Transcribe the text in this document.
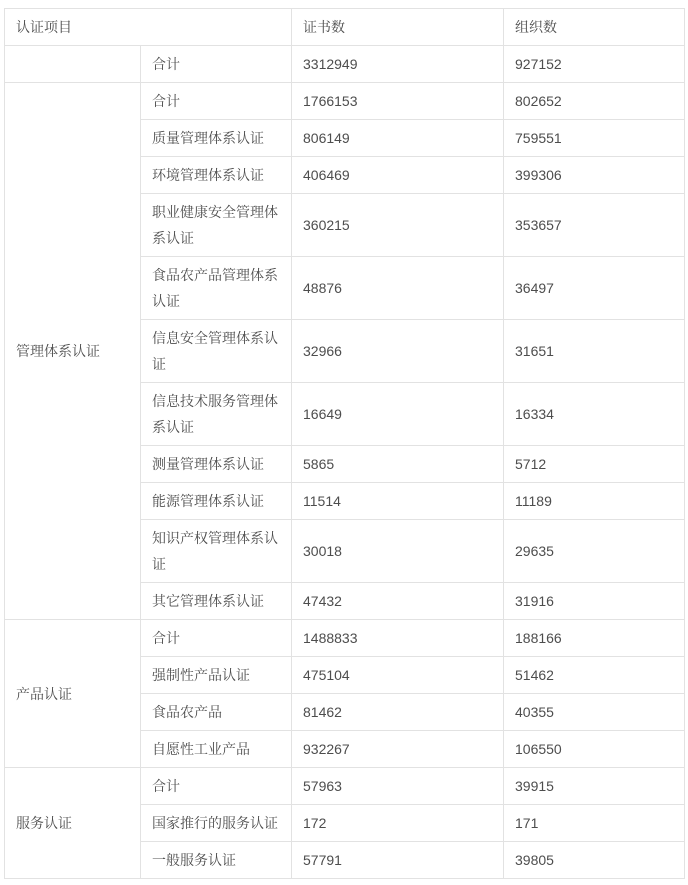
认证项目		证书数	组织数
	合计	3312949	927152
管理体系认证	合计	1766153	802652
	质量管理体系认证	806149	759551
	环境管理体系认证	406469	399306
	职业健康安全管理体系认证	360215	353657
	食品农产品管理体系认证	48876	36497
	信息安全管理体系认证	32966	31651
	信息技术服务管理体系认证	16649	16334
	测量管理体系认证	5865	5712
	能源管理体系认证	11514	11189
	知识产权管理体系认证	30018	29635
	其它管理体系认证	47432	31916
产品认证	合计	1488833	188166
	强制性产品认证	475104	51462
	食品农产品	81462	40355
	自愿性工业产品	932267	106550
服务认证	合计	57963	39915
	国家推行的服务认证	172	171
	一般服务认证	57791	39805
